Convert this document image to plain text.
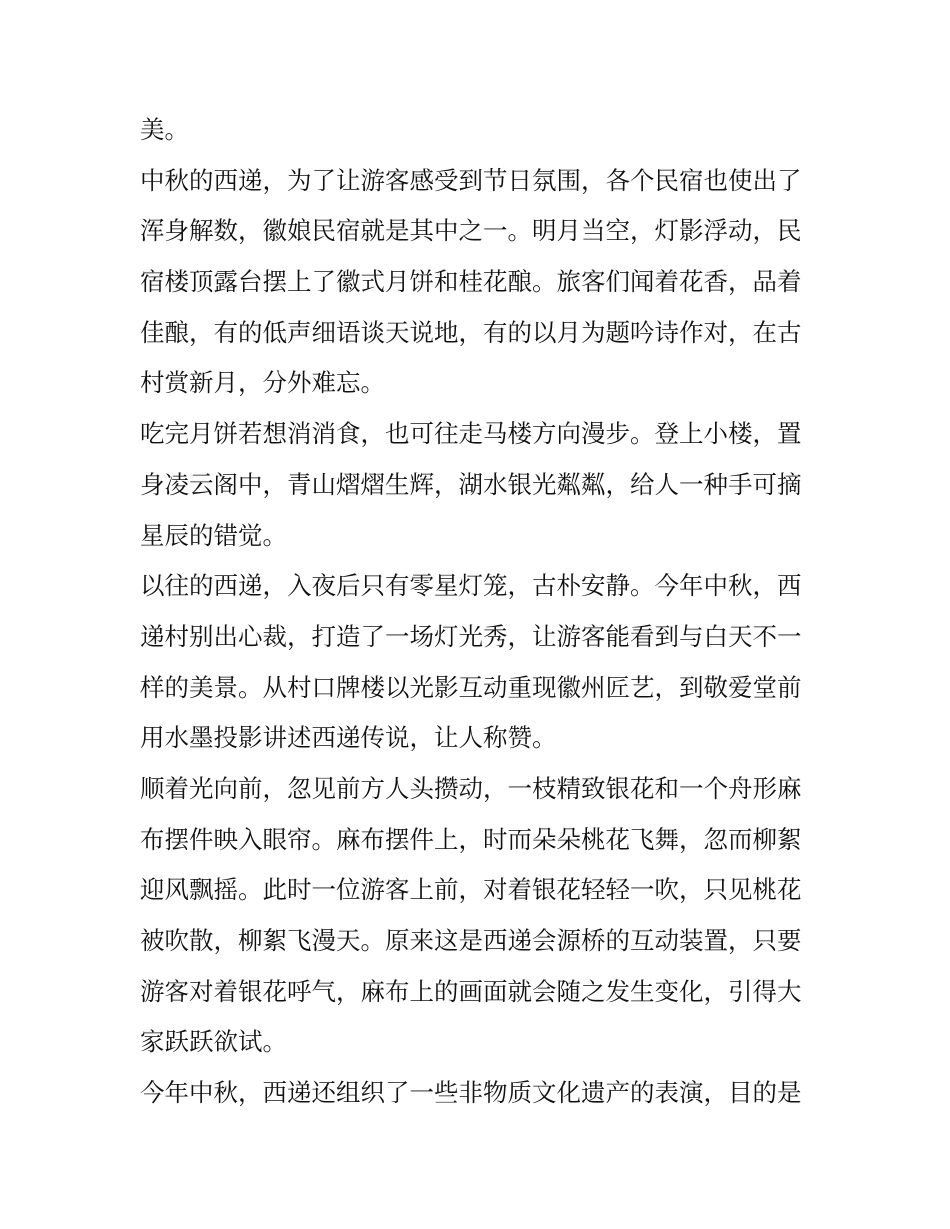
美。
中秋的西递，为了让游客感受到节日氛围，各个民宿也使出了
浑身解数，徽娘民宿就是其中之一。明月当空，灯影浮动，民
宿楼顶露台摆上了徽式月饼和桂花酿。旅客们闻着花香，品着
佳酿，有的低声细语谈天说地，有的以月为题吟诗作对，在古
村赏新月，分外难忘。
吃完月饼若想消消食，也可往走马楼方向漫步。登上小楼，置
身凌云阁中，青山熠熠生辉，湖水银光粼粼，给人一种手可摘
星辰的错觉。
以往的西递，入夜后只有零星灯笼，古朴安静。今年中秋，西
递村别出心裁，打造了一场灯光秀，让游客能看到与白天不一
样的美景。从村口牌楼以光影互动重现徽州匠艺，到敬爱堂前
用水墨投影讲述西递传说，让人称赞。
顺着光向前，忽见前方人头攒动，一枝精致银花和一个舟形麻
布摆件映入眼帘。麻布摆件上，时而朵朵桃花飞舞，忽而柳絮
迎风飘摇。此时一位游客上前，对着银花轻轻一吹，只见桃花
被吹散，柳絮飞漫天。原来这是西递会源桥的互动装置，只要
游客对着银花呼气，麻布上的画面就会随之发生变化，引得大
家跃跃欲试。
今年中秋，西递还组织了一些非物质文化遗产的表演，目的是
